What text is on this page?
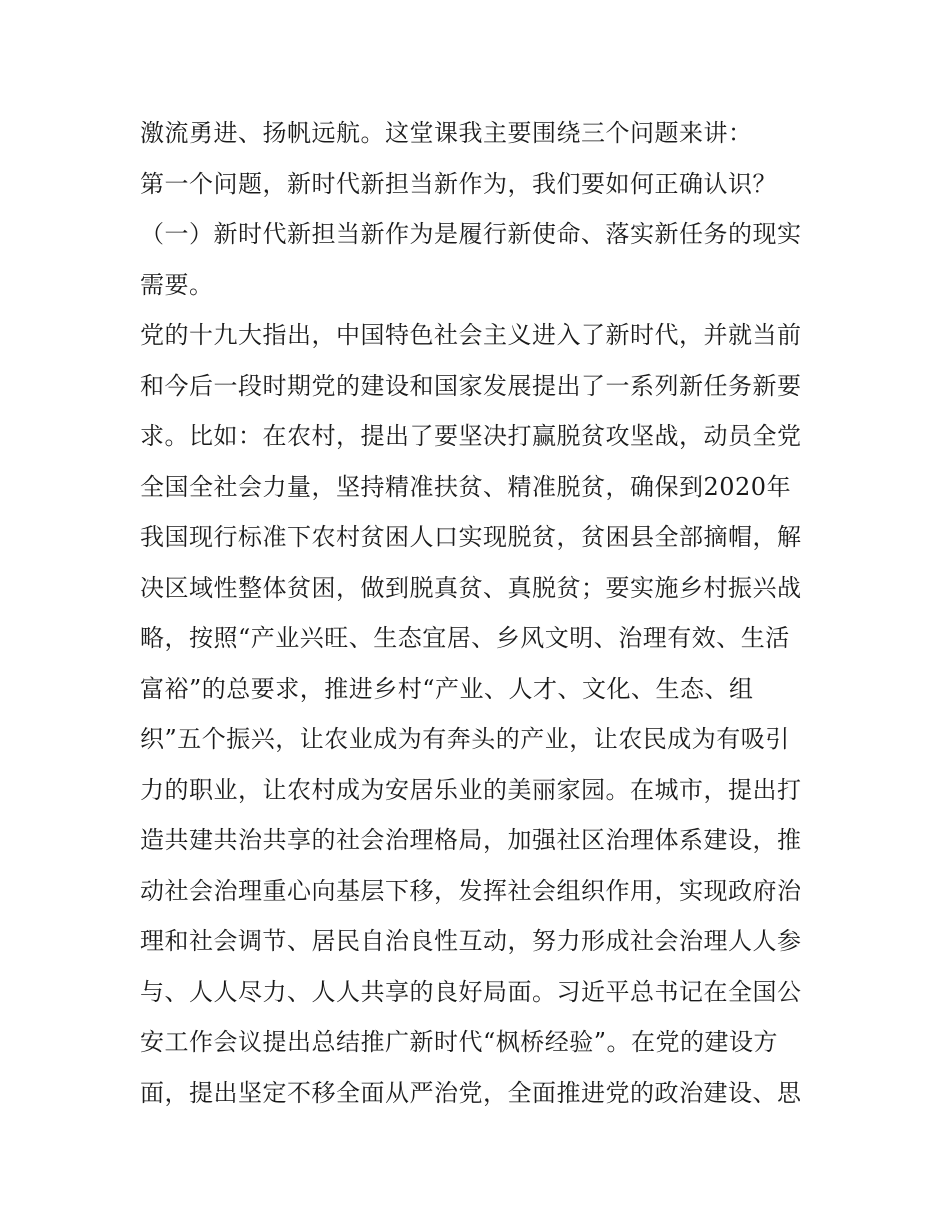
激流勇进、扬帆远航。这堂课我主要围绕三个问题来讲：
第一个问题，新时代新担当新作为，我们要如何正确认识？
（一）新时代新担当新作为是履行新使命、落实新任务的现实
需要。
党的十九大指出，中国特色社会主义进入了新时代，并就当前
和今后一段时期党的建设和国家发展提出了一系列新任务新要
求。比如：在农村，提出了要坚决打赢脱贫攻坚战，动员全党
全国全社会力量，坚持精准扶贫、精准脱贫，确保到2020年
我国现行标准下农村贫困人口实现脱贫，贫困县全部摘帽，解
决区域性整体贫困，做到脱真贫、真脱贫；要实施乡村振兴战
略，按照“产业兴旺、生态宜居、乡风文明、治理有效、生活
富裕”的总要求，推进乡村“产业、人才、文化、生态、组
织”五个振兴，让农业成为有奔头的产业，让农民成为有吸引
力的职业，让农村成为安居乐业的美丽家园。在城市，提出打
造共建共治共享的社会治理格局，加强社区治理体系建设，推
动社会治理重心向基层下移，发挥社会组织作用，实现政府治
理和社会调节、居民自治良性互动，努力形成社会治理人人参
与、人人尽力、人人共享的良好局面。习近平总书记在全国公
安工作会议提出总结推广新时代“枫桥经验”。在党的建设方
面，提出坚定不移全面从严治党，全面推进党的政治建设、思
